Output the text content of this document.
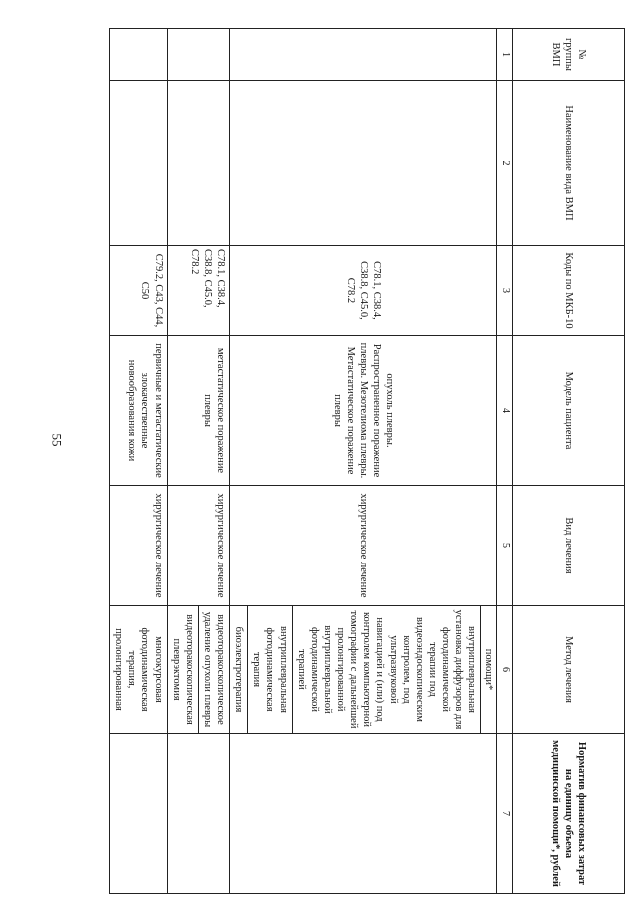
55
№ группы ВМП	Наименование вида ВМП	Коды по МКБ-10	Модель пациента	Вид лечения	Метод лечения	Норматив финансовых затрат на единицу объема медицинской помощи*, рублей
1	2	3	4	5	6	7
		C78.1, C38.4, C38.8, C45.0, C78.2	опухоль плевры. Распространенное поражение плевры. Мезотелиома плевры. Метастатическое поражение плевры	хирургическое лечение	помощи*	
					внутриплевральная установка диффузоров для фотодинамической терапии под видеоэндоскопическим контролем, под ультразвуковой навигацией и (или) под контролем компьютерной томографии с дальнейшей пролонгированной внутриплевральной фотодинамической терапией	
					внутриплевральная фотодинамическая терапия	
					биоэлектротерапия	
		C78.1, C38.4, C38.8, C45.0, C78.2	метастатическое поражение плевры	хирургическое лечение	видеоторакоскопическое удаление опухоли плевры	
					видеоторакоскопическая плеврэктомия	
		C79.2, C43, C44, C50	первичные и метастатические злокачественные новообразования кожи	хирургическое лечение	многокурсовая фотодинамическая терапия, пролонгированная	
